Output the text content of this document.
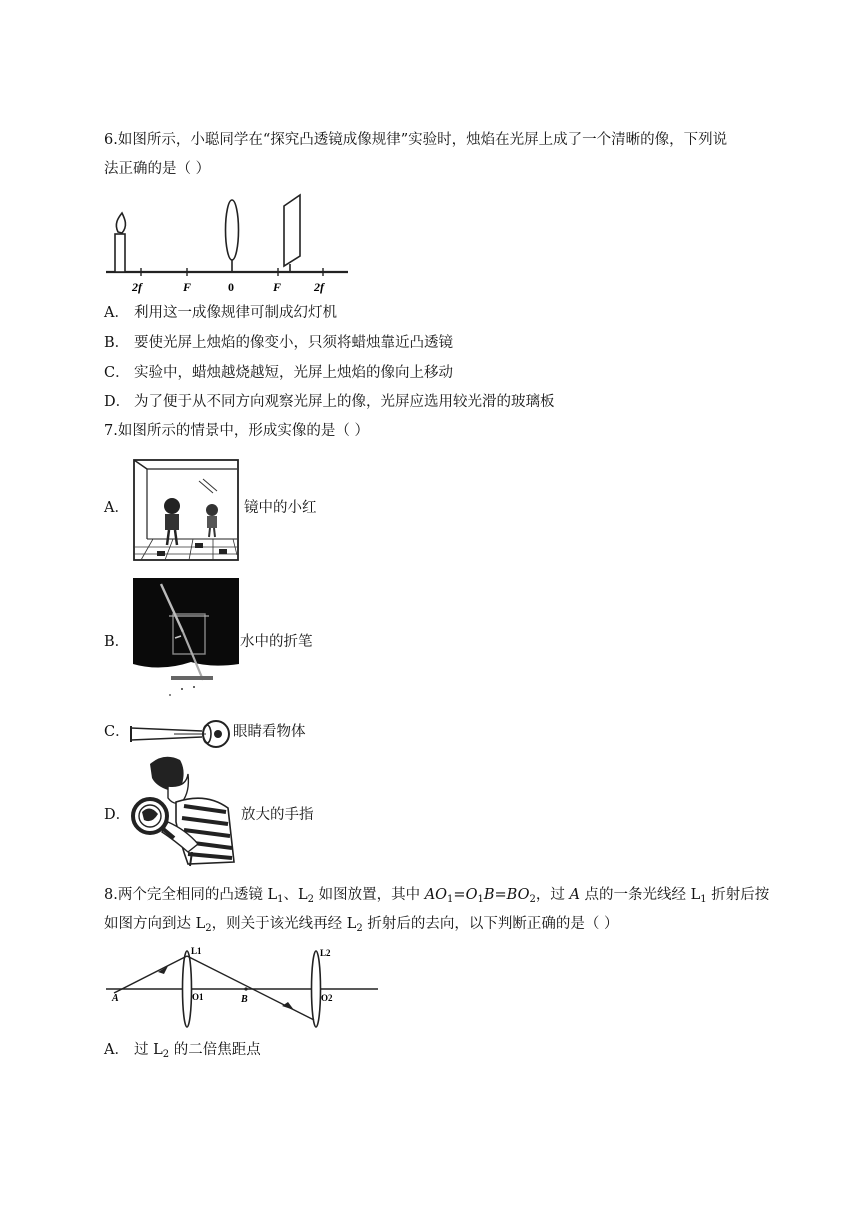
6.如图所示，小聪同学在“探究凸透镜成像规律”实验时，烛焰在光屏上成了一个清晰的像，下列说
法正确的是（ ）
2f	F	0	F	2f
A． 利用这一成像规律可制成幻灯机
B． 要使光屏上烛焰的像变小，只须将蜡烛靠近凸透镜
C． 实验中，蜡烛越烧越短，光屏上烛焰的像向上移动
D． 为了便于从不同方向观察光屏上的像，光屏应选用较光滑的玻璃板
7.如图所示的情景中，形成实像的是（ ）
A．	镜中的小红
B．	水中的折笔
C．	眼睛看物体
D．	放大的手指
8.两个完全相同的凸透镜 $L_1$、$L_2$ 如图放置，其中 $AO_1=O_1B=BO_2$，过 A 点的一条光线经 $L_1$ 折射后按
如图方向到达 $L_2$，则关于该光线再经 $L_2$ 折射后的去向，以下判断正确的是（ ）
A	O1	B	O2
L1	L2
A． 过 $L_2$ 的二倍焦距点
